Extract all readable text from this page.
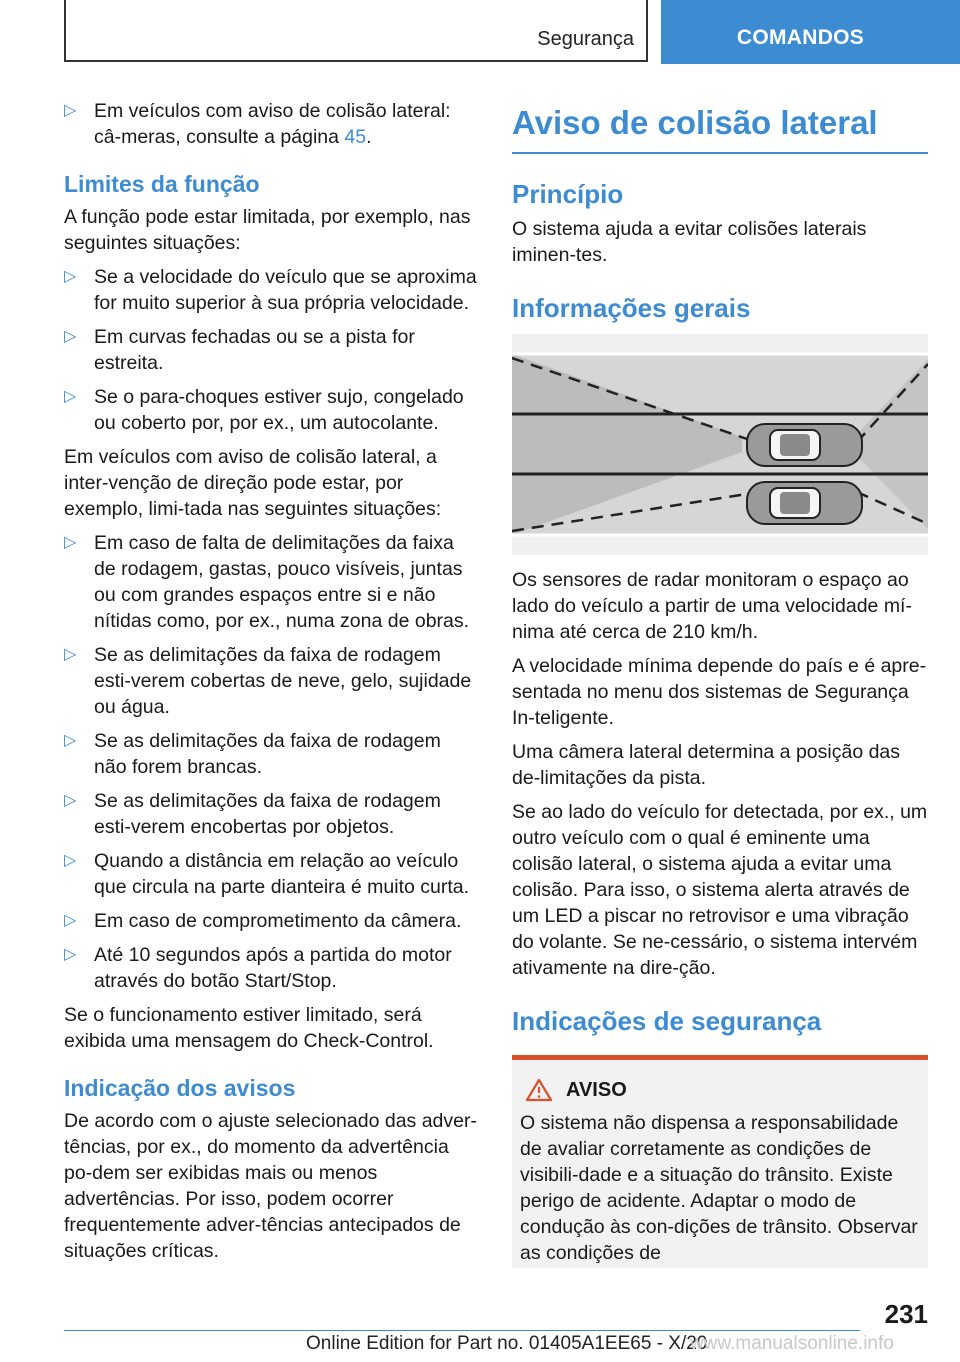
Segurança	COMANDOS
▷ Em veículos com aviso de colisão lateral: câ-meras, consulte a página 45.
Limites da função

A função pode estar limitada, por exemplo, nas seguintes situações:

▷ Se a velocidade do veículo que se aproxima for muito superior à sua própria velocidade.
▷ Em curvas fechadas ou se a pista for estreita.
▷ Se o para-choques estiver sujo, congelado ou coberto por, por ex., um autocolante.

Em veículos com aviso de colisão lateral, a inter-venção de direção pode estar, por exemplo, limi-tada nas seguintes situações:

▷ Em caso de falta de delimitações da faixa de rodagem, gastas, pouco visíveis, juntas ou com grandes espaços entre si e não nítidas como, por ex., numa zona de obras.
▷ Se as delimitações da faixa de rodagem esti-verem cobertas de neve, gelo, sujidade ou água.
▷ Se as delimitações da faixa de rodagem não forem brancas.
▷ Se as delimitações da faixa de rodagem esti-verem encobertas por objetos.
▷ Quando a distância em relação ao veículo que circula na parte dianteira é muito curta.
▷ Em caso de comprometimento da câmera.
▷ Até 10 segundos após a partida do motor através do botão Start/Stop.

Se o funcionamento estiver limitado, será exibida uma mensagem do Check-Control.

Indicação dos avisos

De acordo com o ajuste selecionado das adver-tências, por ex., do momento da advertência po-dem ser exibidas mais ou menos advertências. Por isso, podem ocorrer frequentemente adver-tências antecipados de situações críticas.

Aviso de colisão lateral
Princípio

O sistema ajuda a evitar colisões laterais iminen-tes.

Informações gerais

Os sensores de radar monitoram o espaço ao lado do veículo a partir de uma velocidade mí-nima até cerca de 210 km/h.

A velocidade mínima depende do país e é apre-sentada no menu dos sistemas de Segurança In-teligente.

Uma câmera lateral determina a posição das de-limitações da pista.

Se ao lado do veículo for detectada, por ex., um outro veículo com o qual é eminente uma colisão lateral, o sistema ajuda a evitar uma colisão. Para isso, o sistema alerta através de um LED a piscar no retrovisor e uma vibração do volante. Se ne-cessário, o sistema intervém ativamente na dire-ção.

Indicações de segurança
AVISO

O sistema não dispensa a responsabilidade de avaliar corretamente as condições de visibili-dade e a situação do trânsito. Existe perigo de acidente. Adaptar o modo de condução às con-dições de trânsito. Observar as condições de

231
Online Edition for Part no. 01405A1EE65 - X/20
www.manualsonline.info
